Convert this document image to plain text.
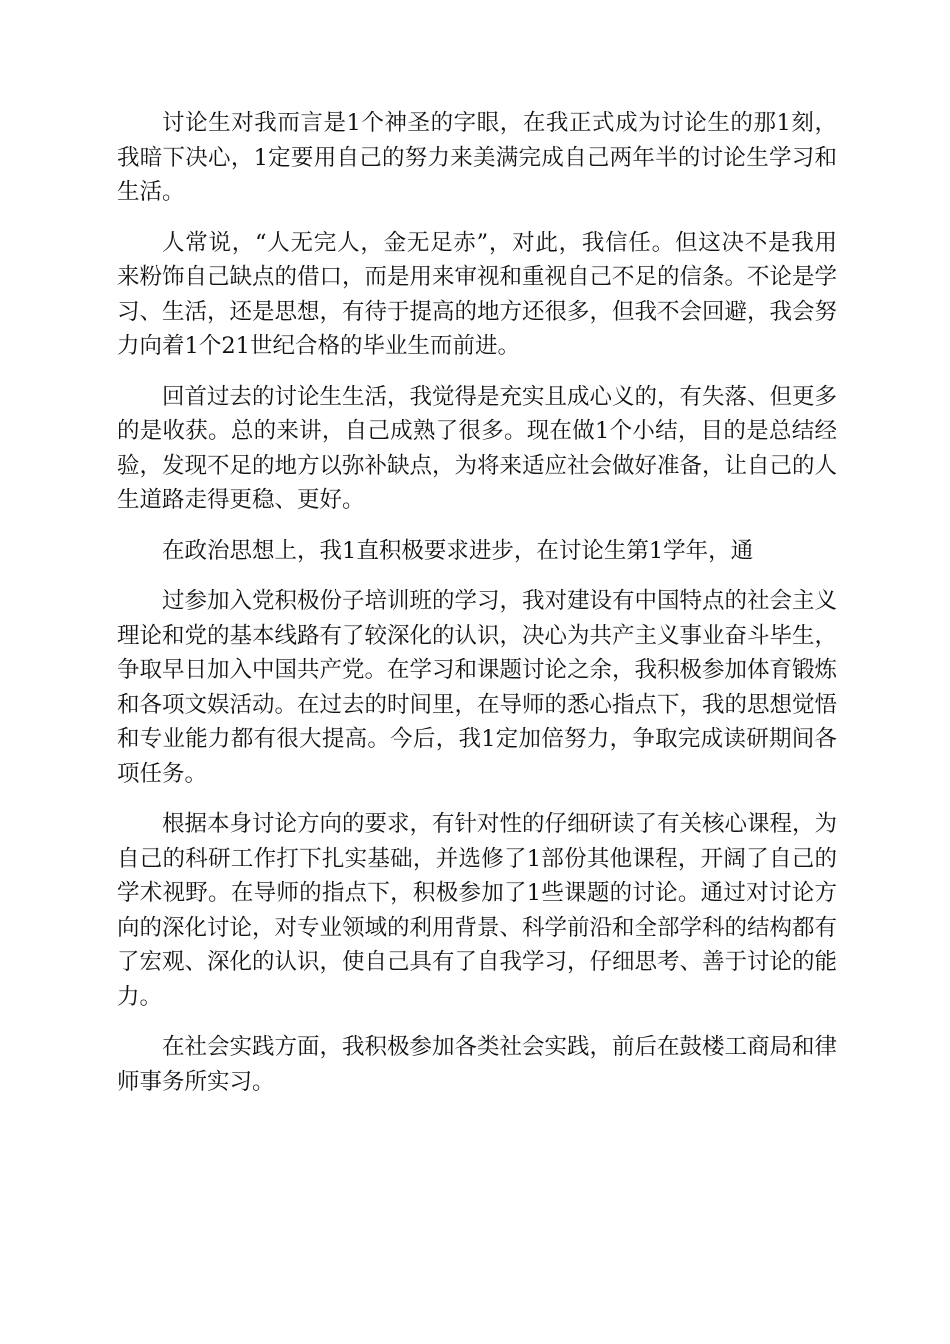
讨论生对我而言是1个神圣的字眼，在我正式成为讨论生的那1刻，我暗下决心，1定要用自己的努力来美满完成自己两年半的讨论生学习和生活。

人常说，“人无完人，金无足赤”，对此，我信任。但这决不是我用来粉饰自己缺点的借口，而是用来审视和重视自己不足的信条。不论是学习、生活，还是思想，有待于提高的地方还很多，但我不会回避，我会努力向着1个21世纪合格的毕业生而前进。

回首过去的讨论生生活，我觉得是充实且成心义的，有失落、但更多的是收获。总的来讲，自己成熟了很多。现在做1个小结，目的是总结经验，发现不足的地方以弥补缺点，为将来适应社会做好准备，让自己的人生道路走得更稳、更好。

在政治思想上，我1直积极要求进步，在讨论生第1学年，通

过参加入党积极份子培训班的学习，我对建设有中国特点的社会主义理论和党的基本线路有了较深化的认识，决心为共产主义事业奋斗毕生，争取早日加入中国共产党。在学习和课题讨论之余，我积极参加体育锻炼和各项文娱活动。在过去的时间里，在导师的悉心指点下，我的思想觉悟和专业能力都有很大提高。今后，我1定加倍努力，争取完成读研期间各项任务。

根据本身讨论方向的要求，有针对性的仔细研读了有关核心课程，为自己的科研工作打下扎实基础，并选修了1部份其他课程，开阔了自己的学术视野。在导师的指点下，积极参加了1些课题的讨论。通过对讨论方向的深化讨论，对专业领域的利用背景、科学前沿和全部学科的结构都有了宏观、深化的认识，使自己具有了自我学习，仔细思考、善于讨论的能力。

在社会实践方面，我积极参加各类社会实践，前后在鼓楼工商局和律师事务所实习。
